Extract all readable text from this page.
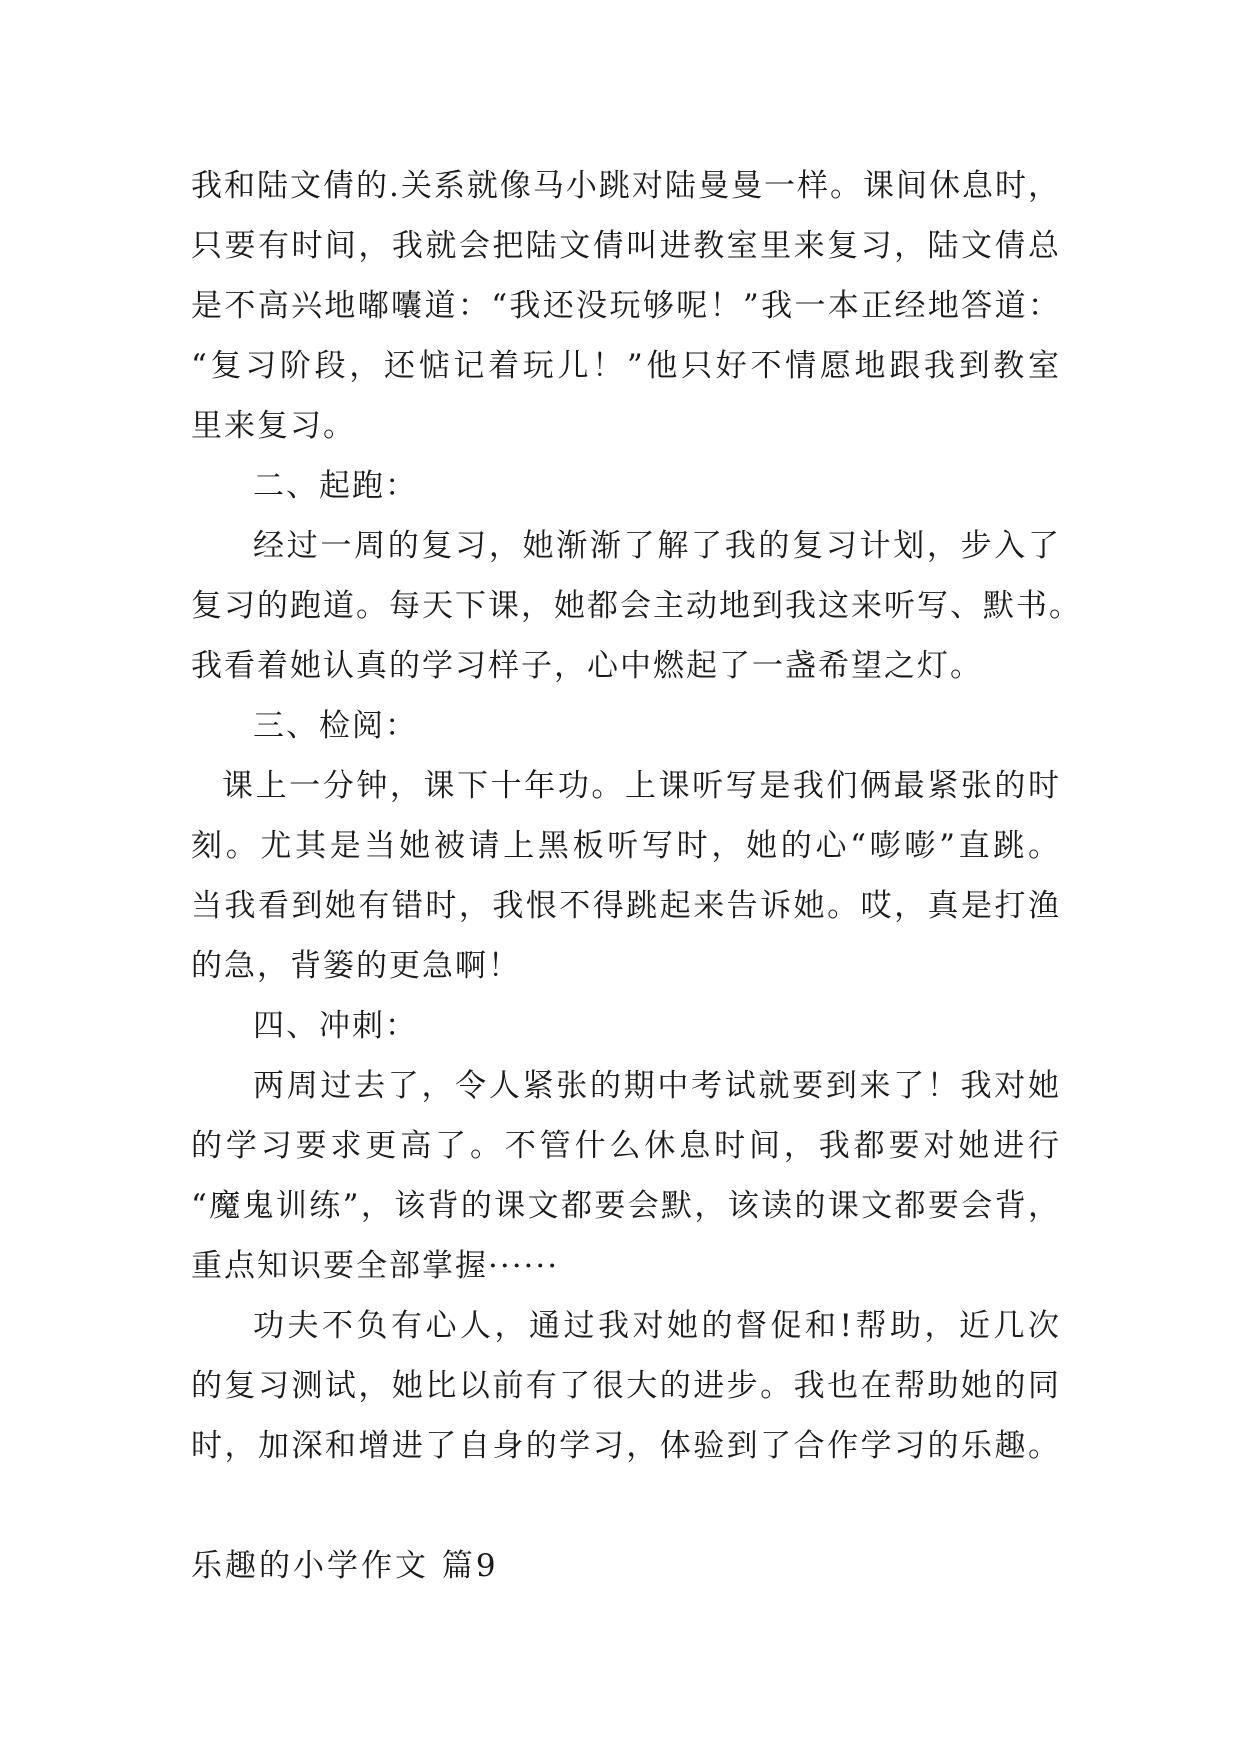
我和陆文倩的.关系就像马小跳对陆曼曼一样。课间休息时，
只要有时间，我就会把陆文倩叫进教室里来复习，陆文倩总
是不高兴地嘟囔道：“我还没玩够呢！”我一本正经地答道：
“复习阶段，还惦记着玩儿！”他只好不情愿地跟我到教室
里来复习。
二、起跑：
经过一周的复习，她渐渐了解了我的复习计划，步入了
复习的跑道。每天下课，她都会主动地到我这来听写、默书。
我看着她认真的学习样子，心中燃起了一盏希望之灯。
三、检阅：
课上一分钟，课下十年功。上课听写是我们俩最紧张的时
刻。尤其是当她被请上黑板听写时，她的心“嘭嘭”直跳。
当我看到她有错时，我恨不得跳起来告诉她。哎，真是打渔
的急，背篓的更急啊！
四、冲刺：
两周过去了，令人紧张的期中考试就要到来了！我对她
的学习要求更高了。不管什么休息时间，我都要对她进行
“魔鬼训练”，该背的课文都要会默，该读的课文都要会背，
重点知识要全部掌握······
功夫不负有心人，通过我对她的督促和!帮助，近几次
的复习测试，她比以前有了很大的进步。我也在帮助她的同
时，加深和增进了自身的学习，体验到了合作学习的乐趣。
乐趣的小学作文 篇9
